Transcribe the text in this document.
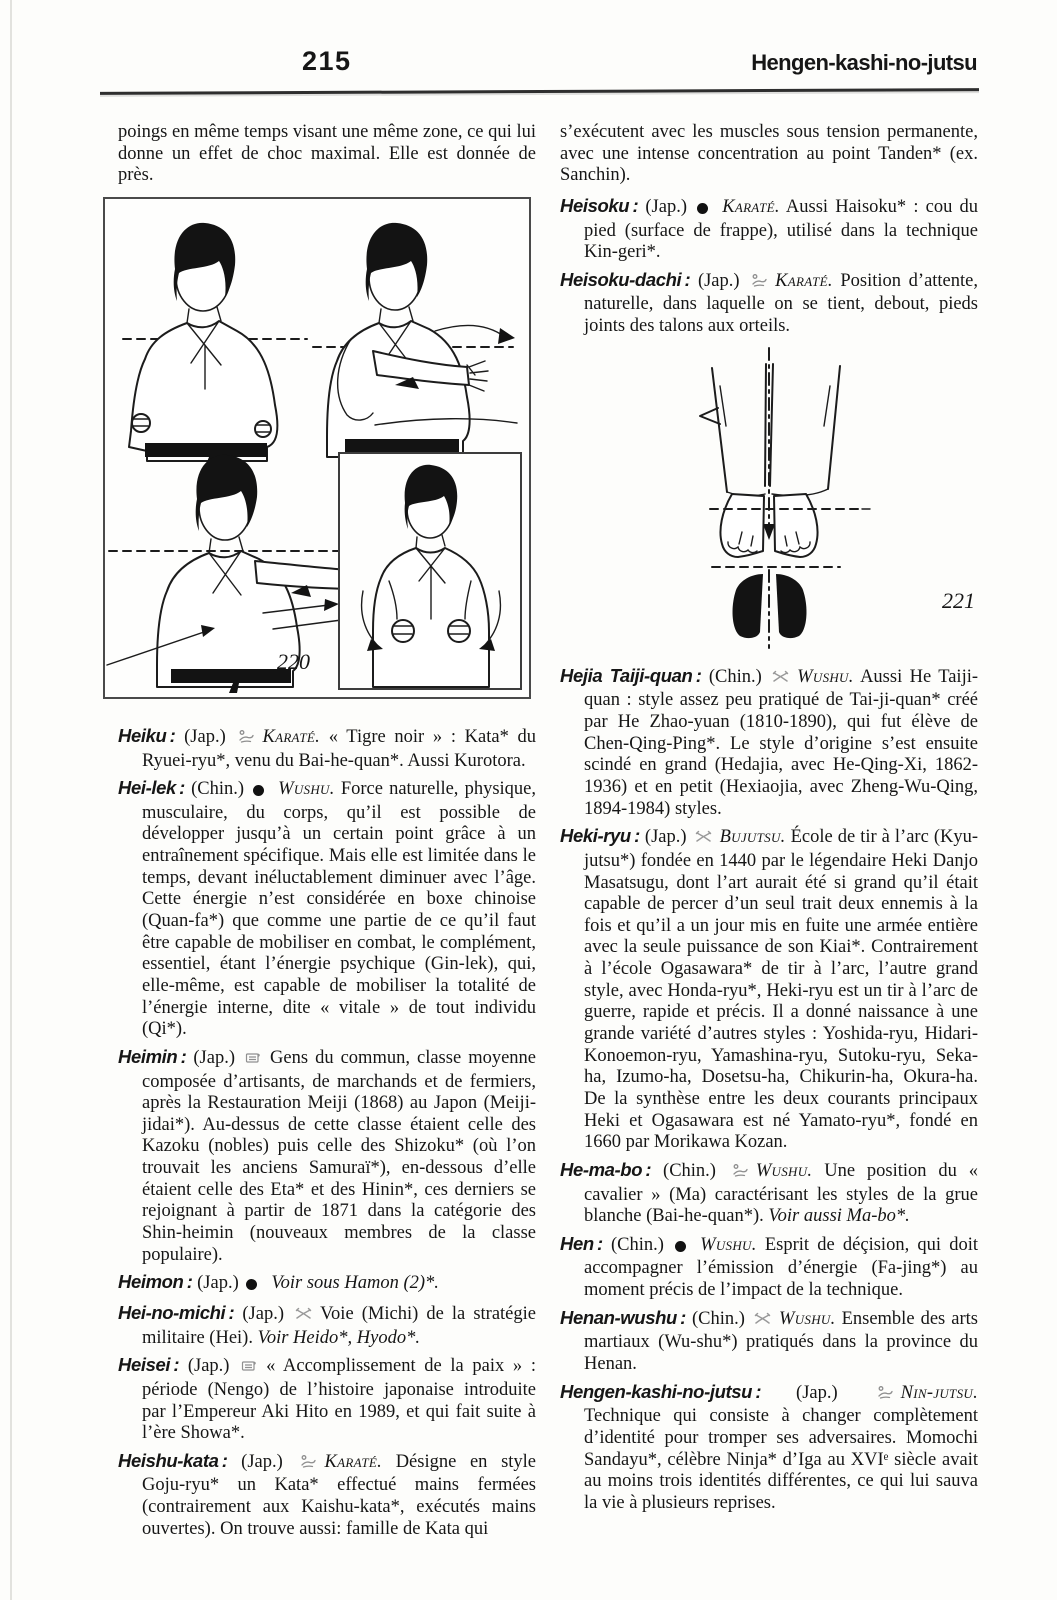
215	Hengen-kashi-no-jutsu

poings en même temps visant une même zone, ce qui lui donne un effet de choc maximal. Elle est donnée de près.

220

Heiku : (Jap.) Karaté. « Tigre noir » : Kata* du Ryuei-ryu*, venu du Bai-he-quan*. Aussi Kurotora.

Hei-lek : (Chin.) Wushu. Force naturelle, physique, musculaire, du corps, qu’il est possible de développer jusqu’à un certain point grâce à un entraînement spécifique. Mais elle est limitée dans le temps, devant inéluctablement diminuer avec l’âge. Cette énergie n’est considérée en boxe chinoise (Quan-fa*) que comme une partie de ce qu’il faut être capable de mobiliser en combat, le complément, essentiel, étant l’énergie psychique (Gin-lek), qui, elle-même, est capable de mobiliser la totalité de l’énergie interne, dite « vitale » de tout individu (Qi*).

Heimin : (Jap.) Gens du commun, classe moyenne composée d’artisants, de marchands et de fermiers, après la Restauration Meiji (1868) au Japon (Meiji-jidai*). Au-dessus de cette classe étaient celle des Kazoku (nobles) puis celle des Shizoku* (où l’on trouvait les anciens Samuraï*), en-dessous d’elle étaient celle des Eta* et des Hinin*, ces derniers se rejoignant à partir de 1871 dans la catégorie des Shin-heimin (nouveaux membres de la classe populaire).

Heimon : (Jap.) Voir sous Hamon (2)*.

Hei-no-michi : (Jap.) Voie (Michi) de la stratégie militaire (Hei). Voir Heido*, Hyodo*.

Heisei : (Jap.) « Accomplissement de la paix » : période (Nengo) de l’histoire japonaise introduite par l’Empereur Aki Hito en 1989, et qui fait suite à l’ère Showa*.

Heishu-kata : (Jap.) Karaté. Désigne en style Goju-ryu* un Kata* effectué mains fermées (contrairement aux Kaishu-kata*, exécutés mains ouvertes). On trouve aussi: famille de Kata qui

s’exécutent avec les muscles sous tension permanente, avec une intense concentration au point Tanden* (ex. Sanchin).

Heisoku : (Jap.) Karaté. Aussi Haisoku* : cou du pied (surface de frappe), utilisé dans la technique Kin-geri*.

Heisoku-dachi : (Jap.) Karaté. Position d’attente, naturelle, dans laquelle on se tient, debout, pieds joints des talons aux orteils.

221

Hejia Taiji-quan : (Chin.) Wushu. Aussi He Taiji-quan : style assez peu pratiqué de Tai-ji-quan* créé par He Zhao-yuan (1810-1890), qui fut élève de Chen-Qing-Ping*. Le style d’origine s’est ensuite scindé en grand (Hedajia, avec He-Qing-Xi, 1862-1936) et en petit (Hexiaojia, avec Zheng-Wu-Qing, 1894-1984) styles.

Heki-ryu : (Jap.) Bujutsu. École de tir à l’arc (Kyu-jutsu*) fondée en 1440 par le légendaire Heki Danjo Masatsugu, dont l’art aurait été si grand qu’il était capable de percer d’un seul trait deux ennemis à la fois et qu’il a un jour mis en fuite une armée entière avec la seule puissance de son Kiai*. Contrairement à l’école Ogasawara* de tir à l’arc, l’autre grand style, avec Honda-ryu*, Heki-ryu est un tir à l’arc de guerre, rapide et précis. Il a donné naissance à une grande variété d’autres styles : Yoshida-ryu, Hidari-Konoemon-ryu, Yamashina-ryu, Sutoku-ryu, Seka-ha, Izumo-ha, Dosetsu-ha, Chikurin-ha, Okura-ha. De la synthèse entre les deux courants principaux Heki et Ogasawara est né Yamato-ryu*, fondé en 1660 par Morikawa Kozan.

He-ma-bo : (Chin.) Wushu. Une position du « cavalier » (Ma) caractérisant les styles de la grue blanche (Bai-he-quan*). Voir aussi Ma-bo*.

Hen : (Chin.) Wushu. Esprit de déçision, qui doit accompagner l’émission d’énergie (Fa-jing*) au moment précis de l’impact de la technique.

Henan-wushu : (Chin.) Wushu. Ensemble des arts martiaux (Wu-shu*) pratiqués dans la province du Henan.

Hengen-kashi-no-jutsu : (Jap.) Nin-jutsu. Technique qui consiste à changer complètement d’identité pour tromper ses adversaires. Momochi Sandayu*, célèbre Ninja* d’Iga au XVIᵉ siècle avait au moins trois identités différentes, ce qui lui sauva la vie à plusieurs reprises.
